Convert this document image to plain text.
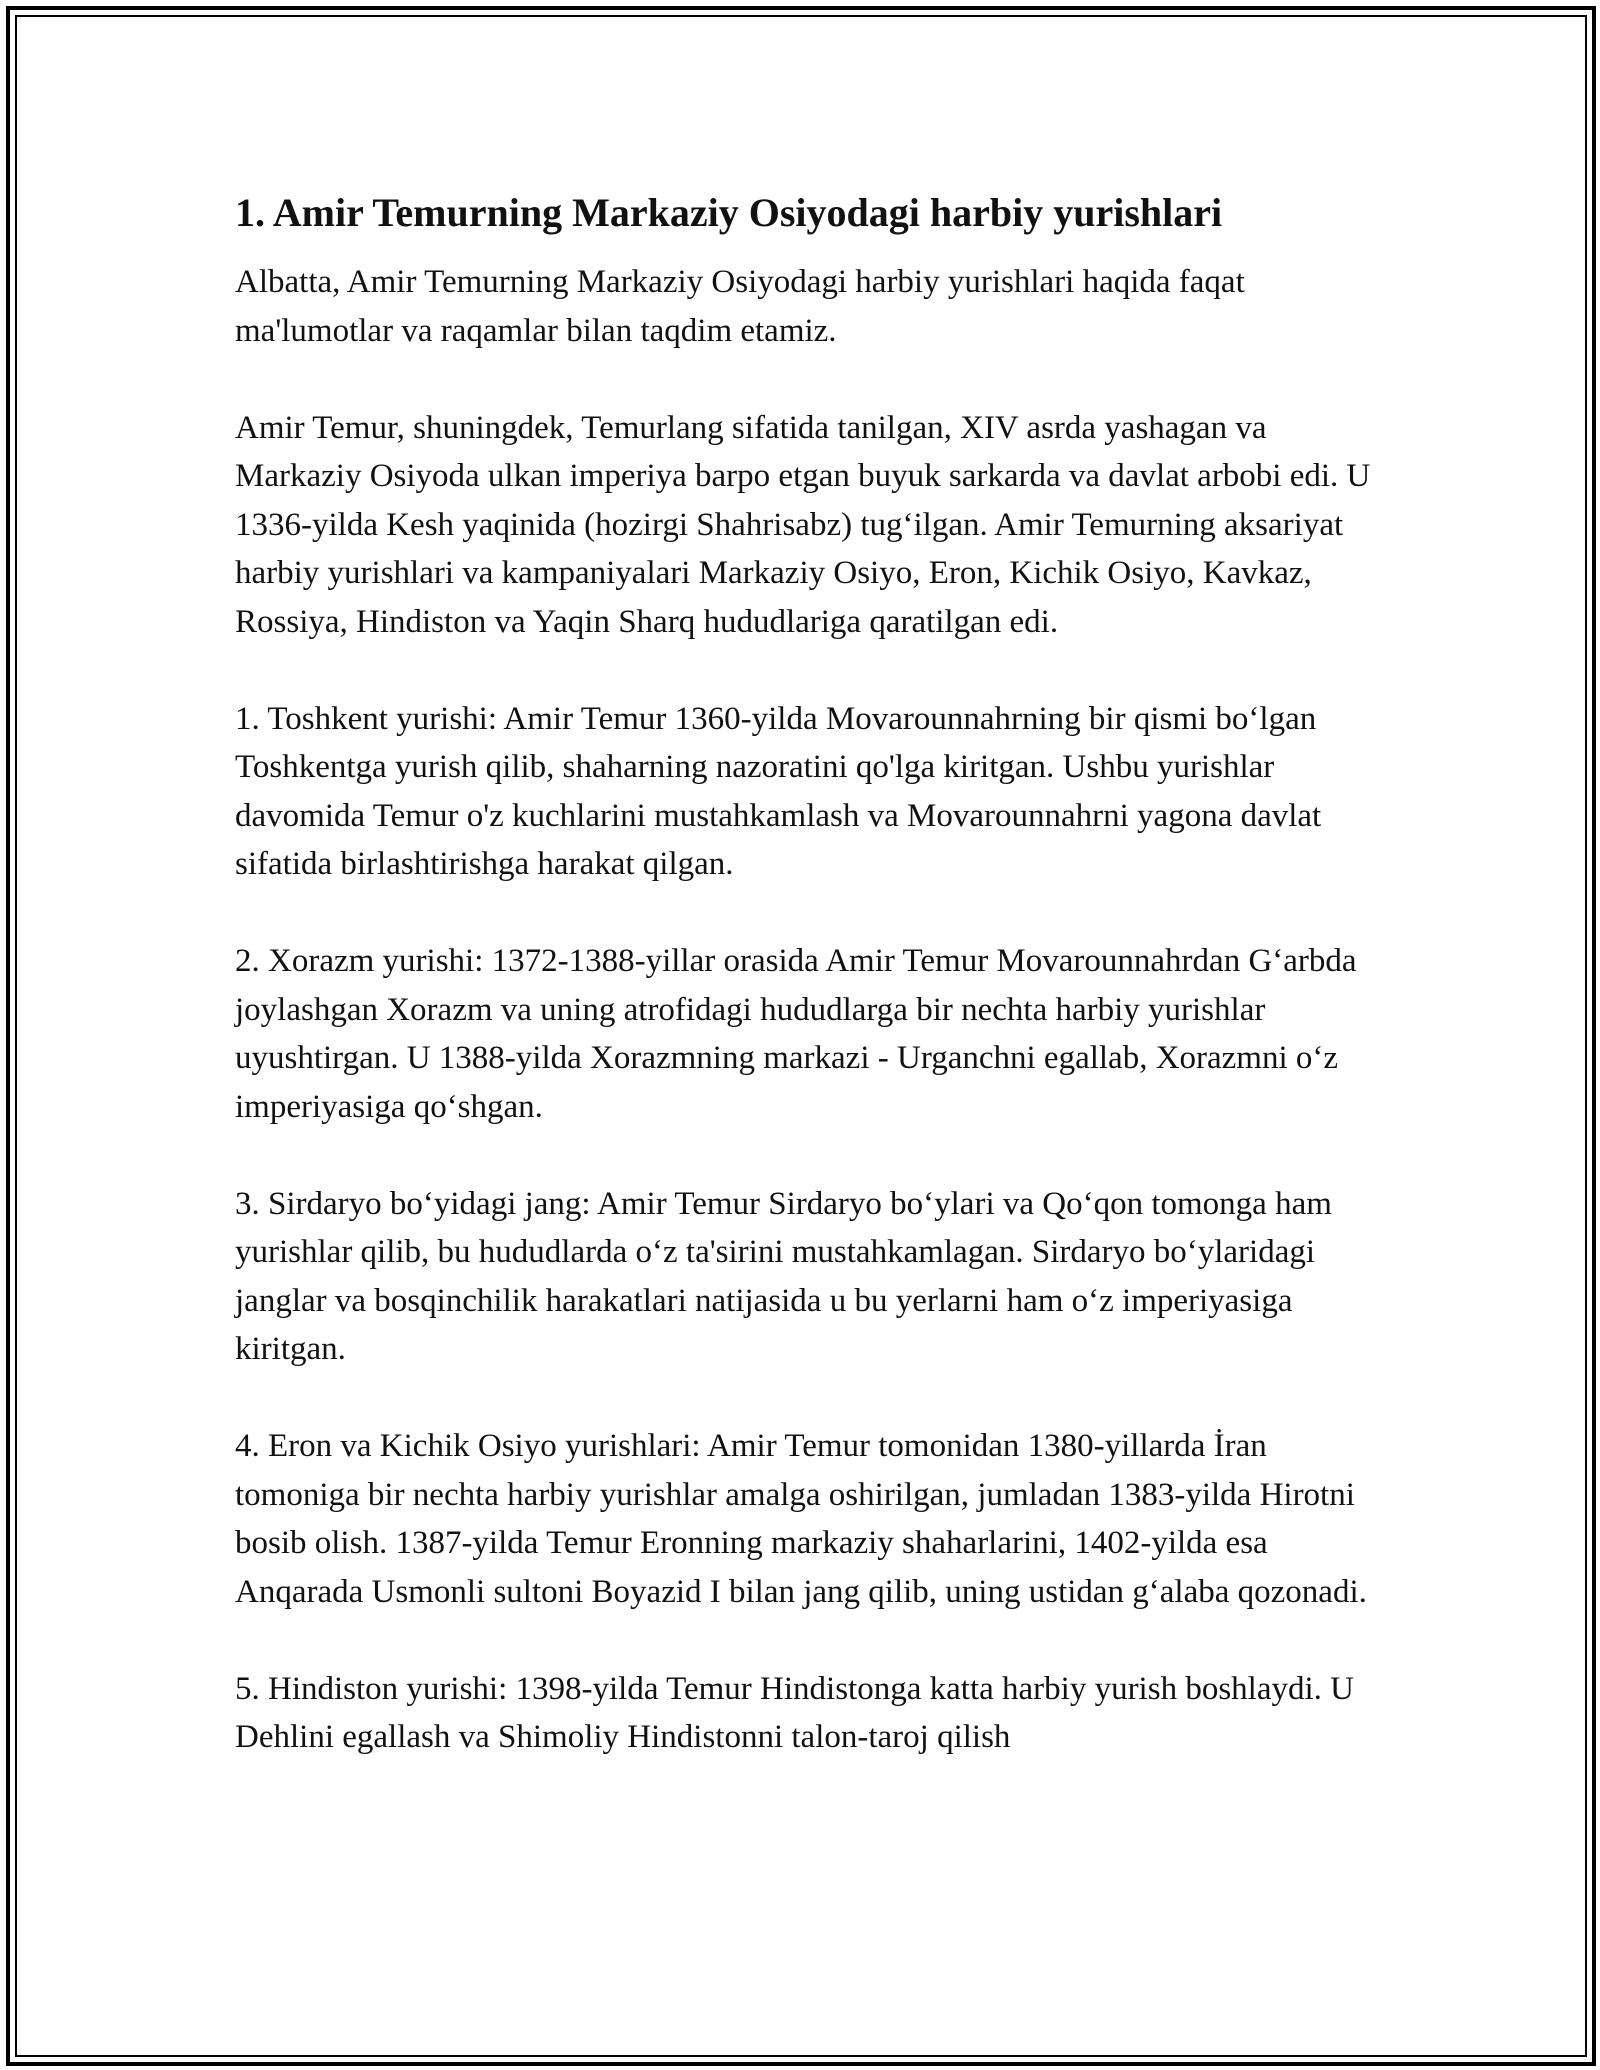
1. Amir Temurning Markaziy Osiyodagi harbiy yurishlari

Albatta, Amir Temurning Markaziy Osiyodagi harbiy yurishlari haqida faqat ma'lumotlar va raqamlar bilan taqdim etamiz.

Amir Temur, shuningdek, Temurlang sifatida tanilgan, XIV asrda yashagan va Markaziy Osiyoda ulkan imperiya barpo etgan buyuk sarkarda va davlat arbobi edi. U 1336-yilda Kesh yaqinida (hozirgi Shahrisabz) tug‘ilgan. Amir Temurning aksariyat harbiy yurishlari va kampaniyalari Markaziy Osiyo, Eron, Kichik Osiyo, Kavkaz, Rossiya, Hindiston va Yaqin Sharq hududlariga qaratilgan edi.

1. Toshkent yurishi: Amir Temur 1360-yilda Movarounnahrning bir qismi bo‘lgan Toshkentga yurish qilib, shaharning nazoratini qo'lga kiritgan. Ushbu yurishlar davomida Temur o'z kuchlarini mustahkamlash va Movarounnahrni yagona davlat sifatida birlashtirishga harakat qilgan.

2. Xorazm yurishi: 1372-1388-yillar orasida Amir Temur Movarounnahrdan G‘arbda joylashgan Xorazm va uning atrofidagi hududlarga bir nechta harbiy yurishlar uyushtirgan. U 1388-yilda Xorazmning markazi - Urganchni egallab, Xorazmni o‘z imperiyasiga qo‘shgan.

3. Sirdaryo bo‘yidagi jang: Amir Temur Sirdaryo bo‘ylari va Qo‘qon tomonga ham yurishlar qilib, bu hududlarda o‘z ta'sirini mustahkamlagan. Sirdaryo bo‘ylaridagi janglar va bosqinchilik harakatlari natijasida u bu yerlarni ham o‘z imperiyasiga kiritgan.

4. Eron va Kichik Osiyo yurishlari: Amir Temur tomonidan 1380-yillarda İran tomoniga bir nechta harbiy yurishlar amalga oshirilgan, jumladan 1383-yilda Hirotni bosib olish. 1387-yilda Temur Eronning markaziy shaharlarini, 1402-yilda esa Anqarada Usmonli sultoni Boyazid I bilan jang qilib, uning ustidan g‘alaba qozonadi.

5. Hindiston yurishi: 1398-yilda Temur Hindistonga katta harbiy yurish boshlaydi. U Dehlini egallash va Shimoliy Hindistonni talon-taroj qilish
